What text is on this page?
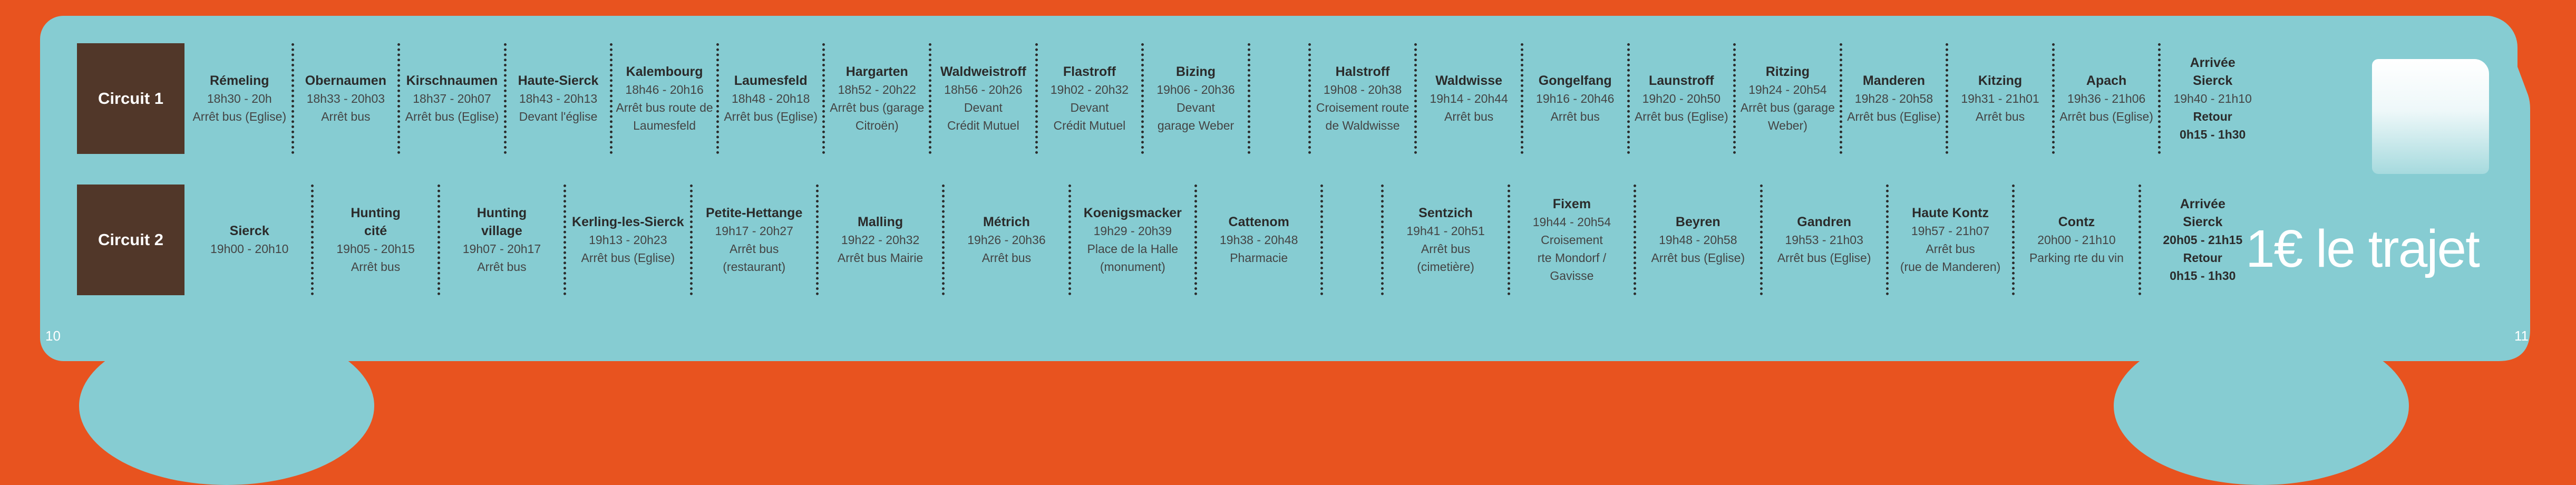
10	11
Circuit 1
Rémeling
18h30 - 20h
Arrêt bus (Eglise)
Obernaumen
18h33 - 20h03
Arrêt bus
Kirschnaumen
18h37 - 20h07
Arrêt bus (Eglise)
Haute-Sierck
18h43 - 20h13
Devant l'église
Kalembourg
18h46 - 20h16
Arrêt bus route de
Laumesfeld
Laumesfeld
18h48 - 20h18
Arrêt bus (Eglise)
Hargarten
18h52 - 20h22
Arrêt bus (garage
Citroën)
Waldweistroff
18h56 - 20h26
Devant
Crédit Mutuel
Flastroff
19h02 - 20h32
Devant
Crédit Mutuel
Bizing
19h06 - 20h36
Devant
garage Weber
Halstroff
19h08 - 20h38
Croisement route
de Waldwisse
Waldwisse
19h14 - 20h44
Arrêt bus
Gongelfang
19h16 - 20h46
Arrêt bus
Launstroff
19h20 - 20h50
Arrêt bus (Eglise)
Ritzing
19h24 - 20h54
Arrêt bus (garage
Weber)
Manderen
19h28 - 20h58
Arrêt bus (Eglise)
Kitzing
19h31 - 21h01
Arrêt bus
Apach
19h36 - 21h06
Arrêt bus (Eglise)
Arrivée
Sierck
19h40 - 21h10
Retour
0h15 - 1h30
Circuit 2	Sierck
19h00 - 20h10
Hunting
cité
19h05 - 20h15
Arrêt bus
Hunting
village
19h07 - 20h17
Arrêt bus
Kerling-les-Sierck
19h13 - 20h23
Arrêt bus (Eglise)
Petite-Hettange
19h17 - 20h27
Arrêt bus
(restaurant)
Malling
19h22 - 20h32
Arrêt bus Mairie
Métrich
19h26 - 20h36
Arrêt bus
Koenigsmacker
19h29 - 20h39
Place de la Halle
(monument)
Cattenom
19h38 - 20h48
Pharmacie
Sentzich
19h41 - 20h51
Arrêt bus
(cimetière)
Fixem
19h44 - 20h54
Croisement
rte Mondorf /
Gavisse
Beyren
19h48 - 20h58
Arrêt bus (Eglise)
Gandren
19h53 - 21h03
Arrêt bus (Eglise)
Haute Kontz
19h57 - 21h07
Arrêt bus
(rue de Manderen)
Contz
20h00 - 21h10
Parking rte du vin
Arrivée
Sierck
20h05 - 21h15
Retour
0h15 - 1h30 1€ le trajet
